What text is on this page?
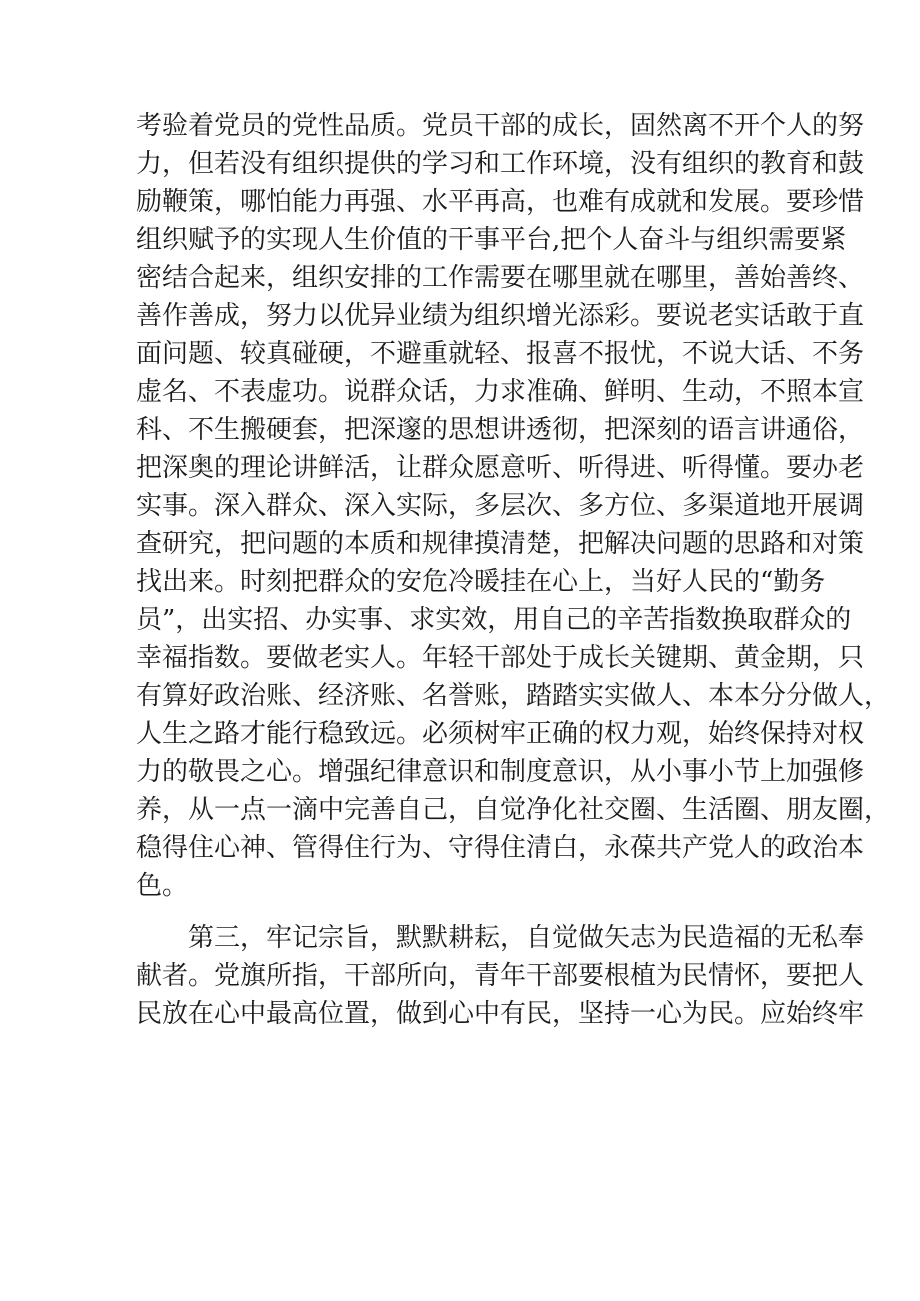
考验着党员的党性品质。党员干部的成长，固然离不开个人的努
力，但若没有组织提供的学习和工作环境，没有组织的教育和鼓
励鞭策，哪怕能力再强、水平再高，也难有成就和发展。要珍惜
组织赋予的实现人生价值的干事平台,把个人奋斗与组织需要紧
密结合起来，组织安排的工作需要在哪里就在哪里，善始善终、
善作善成，努力以优异业绩为组织增光添彩。要说老实话敢于直
面问题、较真碰硬，不避重就轻、报喜不报忧，不说大话、不务
虚名、不表虚功。说群众话，力求准确、鲜明、生动，不照本宣
科、不生搬硬套，把深邃的思想讲透彻，把深刻的语言讲通俗，
把深奥的理论讲鲜活，让群众愿意听、听得进、听得懂。要办老
实事。深入群众、深入实际，多层次、多方位、多渠道地开展调
查研究，把问题的本质和规律摸清楚，把解决问题的思路和对策
找出来。时刻把群众的安危冷暖挂在心上，当好人民的“勤务
员”，出实招、办实事、求实效，用自己的辛苦指数换取群众的
幸福指数。要做老实人。年轻干部处于成长关键期、黄金期，只
有算好政治账、经济账、名誉账，踏踏实实做人、本本分分做人，
人生之路才能行稳致远。必须树牢正确的权力观，始终保持对权
力的敬畏之心。增强纪律意识和制度意识，从小事小节上加强修
养，从一点一滴中完善自己，自觉净化社交圈、生活圈、朋友圈，
稳得住心神、管得住行为、守得住清白，永葆共产党人的政治本
色。
第三，牢记宗旨，默默耕耘，自觉做矢志为民造福的无私奉
献者。党旗所指，干部所向，青年干部要根植为民情怀，要把人
民放在心中最高位置，做到心中有民，坚持一心为民。应始终牢
